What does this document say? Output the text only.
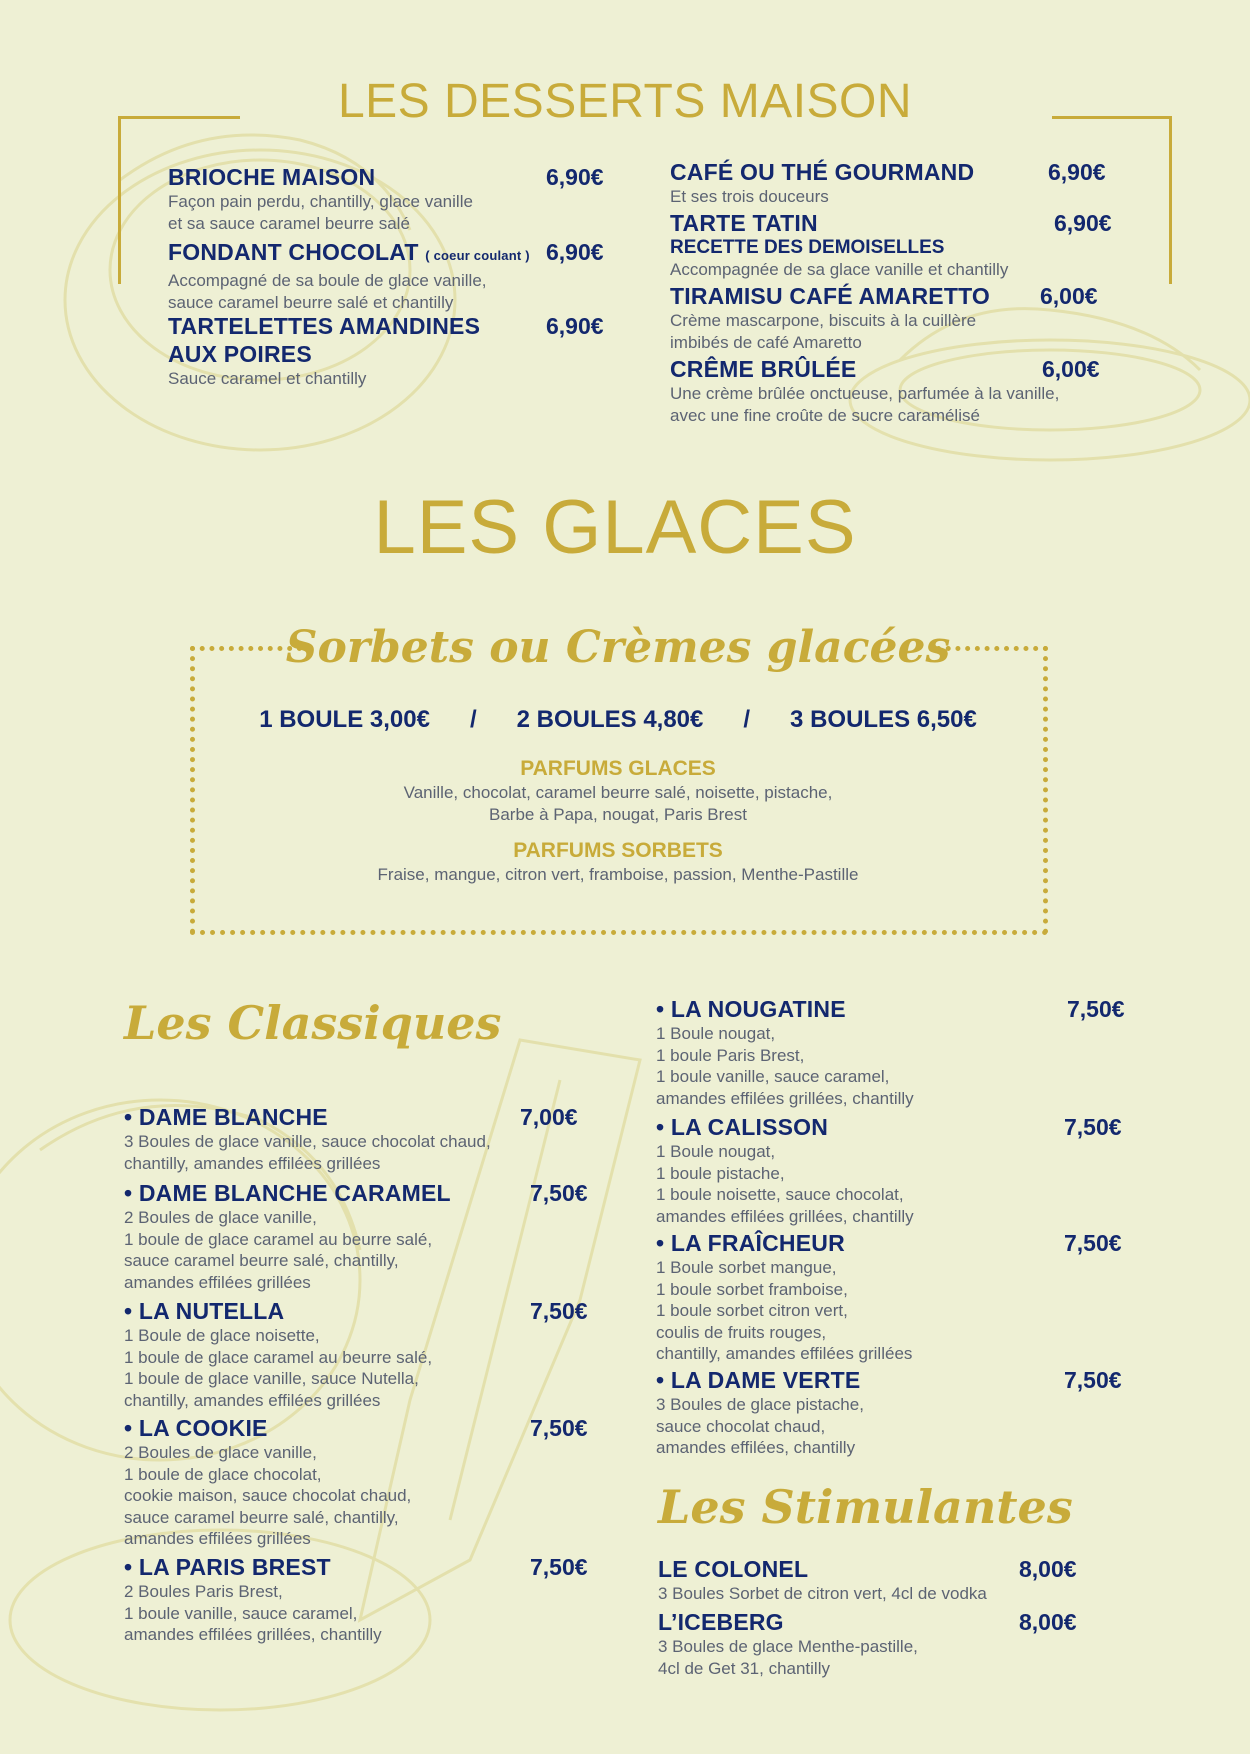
LES DESSERTS MAISON
BRIOCHE MAISON	6,90€
Façon pain perdu, chantilly, glace vanille
et sa sauce caramel beurre salé
FONDANT CHOCOLAT ( coeur coulant ) 6,90€
Accompagné de sa boule de glace vanille,
sauce caramel beurre salé et chantilly
TARTELETTES AMANDINES
AUX POIRES
6,90€
Sauce caramel et chantilly
CAFÉ OU THÉ GOURMAND	6,90€
Et ses trois douceurs
TARTE TATIN
RECETTE DES DEMOISELLES
6,90€
Accompagnée de sa glace vanille et chantilly
TIRAMISU CAFÉ AMARETTO	6,00€
Crème mascarpone, biscuits à la cuillère
imbibés de café Amaretto
CRÊME BRÛLÉE	6,00€
Une crème brûlée onctueuse, parfumée à la vanille,
avec une fine croûte de sucre caramélisé
LES GLACES
Sorbets ou Crèmes glacées
1 BOULE 3,00€ / 2 BOULES 4,80€ / 3 BOULES 6,50€
PARFUMS GLACES
Vanille, chocolat, caramel beurre salé, noisette, pistache,
Barbe à Papa, nougat, Paris Brest
PARFUMS SORBETS
Fraise, mangue, citron vert, framboise, passion, Menthe-Pastille
Les Classiques
• DAME BLANCHE	7,00€
3 Boules de glace vanille, sauce chocolat chaud,
chantilly, amandes effilées grillées
• DAME BLANCHE CARAMEL	7,50€
2 Boules de glace vanille,
1 boule de glace caramel au beurre salé,
sauce caramel beurre salé, chantilly,
amandes effilées grillées
• LA NUTELLA	7,50€
1 Boule de glace noisette,
1 boule de glace caramel au beurre salé,
1 boule de glace vanille, sauce Nutella,
chantilly, amandes effilées grillées
• LA COOKIE	7,50€
2 Boules de glace vanille,
1 boule de glace chocolat,
cookie maison, sauce chocolat chaud,
sauce caramel beurre salé, chantilly,
amandes effilées grillées
• LA PARIS BREST	7,50€
2 Boules Paris Brest,
1 boule vanille, sauce caramel,
amandes effilées grillées, chantilly
• LA NOUGATINE	7,50€
1 Boule nougat,
1 boule Paris Brest,
1 boule vanille, sauce caramel,
amandes effilées grillées, chantilly
• LA CALISSON	7,50€
1 Boule nougat,
1 boule pistache,
1 boule noisette, sauce chocolat,
amandes effilées grillées, chantilly
• LA FRAÎCHEUR	7,50€
1 Boule sorbet mangue,
1 boule sorbet framboise,
1 boule sorbet citron vert,
coulis de fruits rouges,
chantilly, amandes effilées grillées
• LA DAME VERTE	7,50€
3 Boules de glace pistache,
sauce chocolat chaud,
amandes effilées, chantilly
Les Stimulantes
LE COLONEL	8,00€
3 Boules Sorbet de citron vert, 4cl de vodka
L’ICEBERG	8,00€
3 Boules de glace Menthe-pastille,
4cl de Get 31, chantilly
